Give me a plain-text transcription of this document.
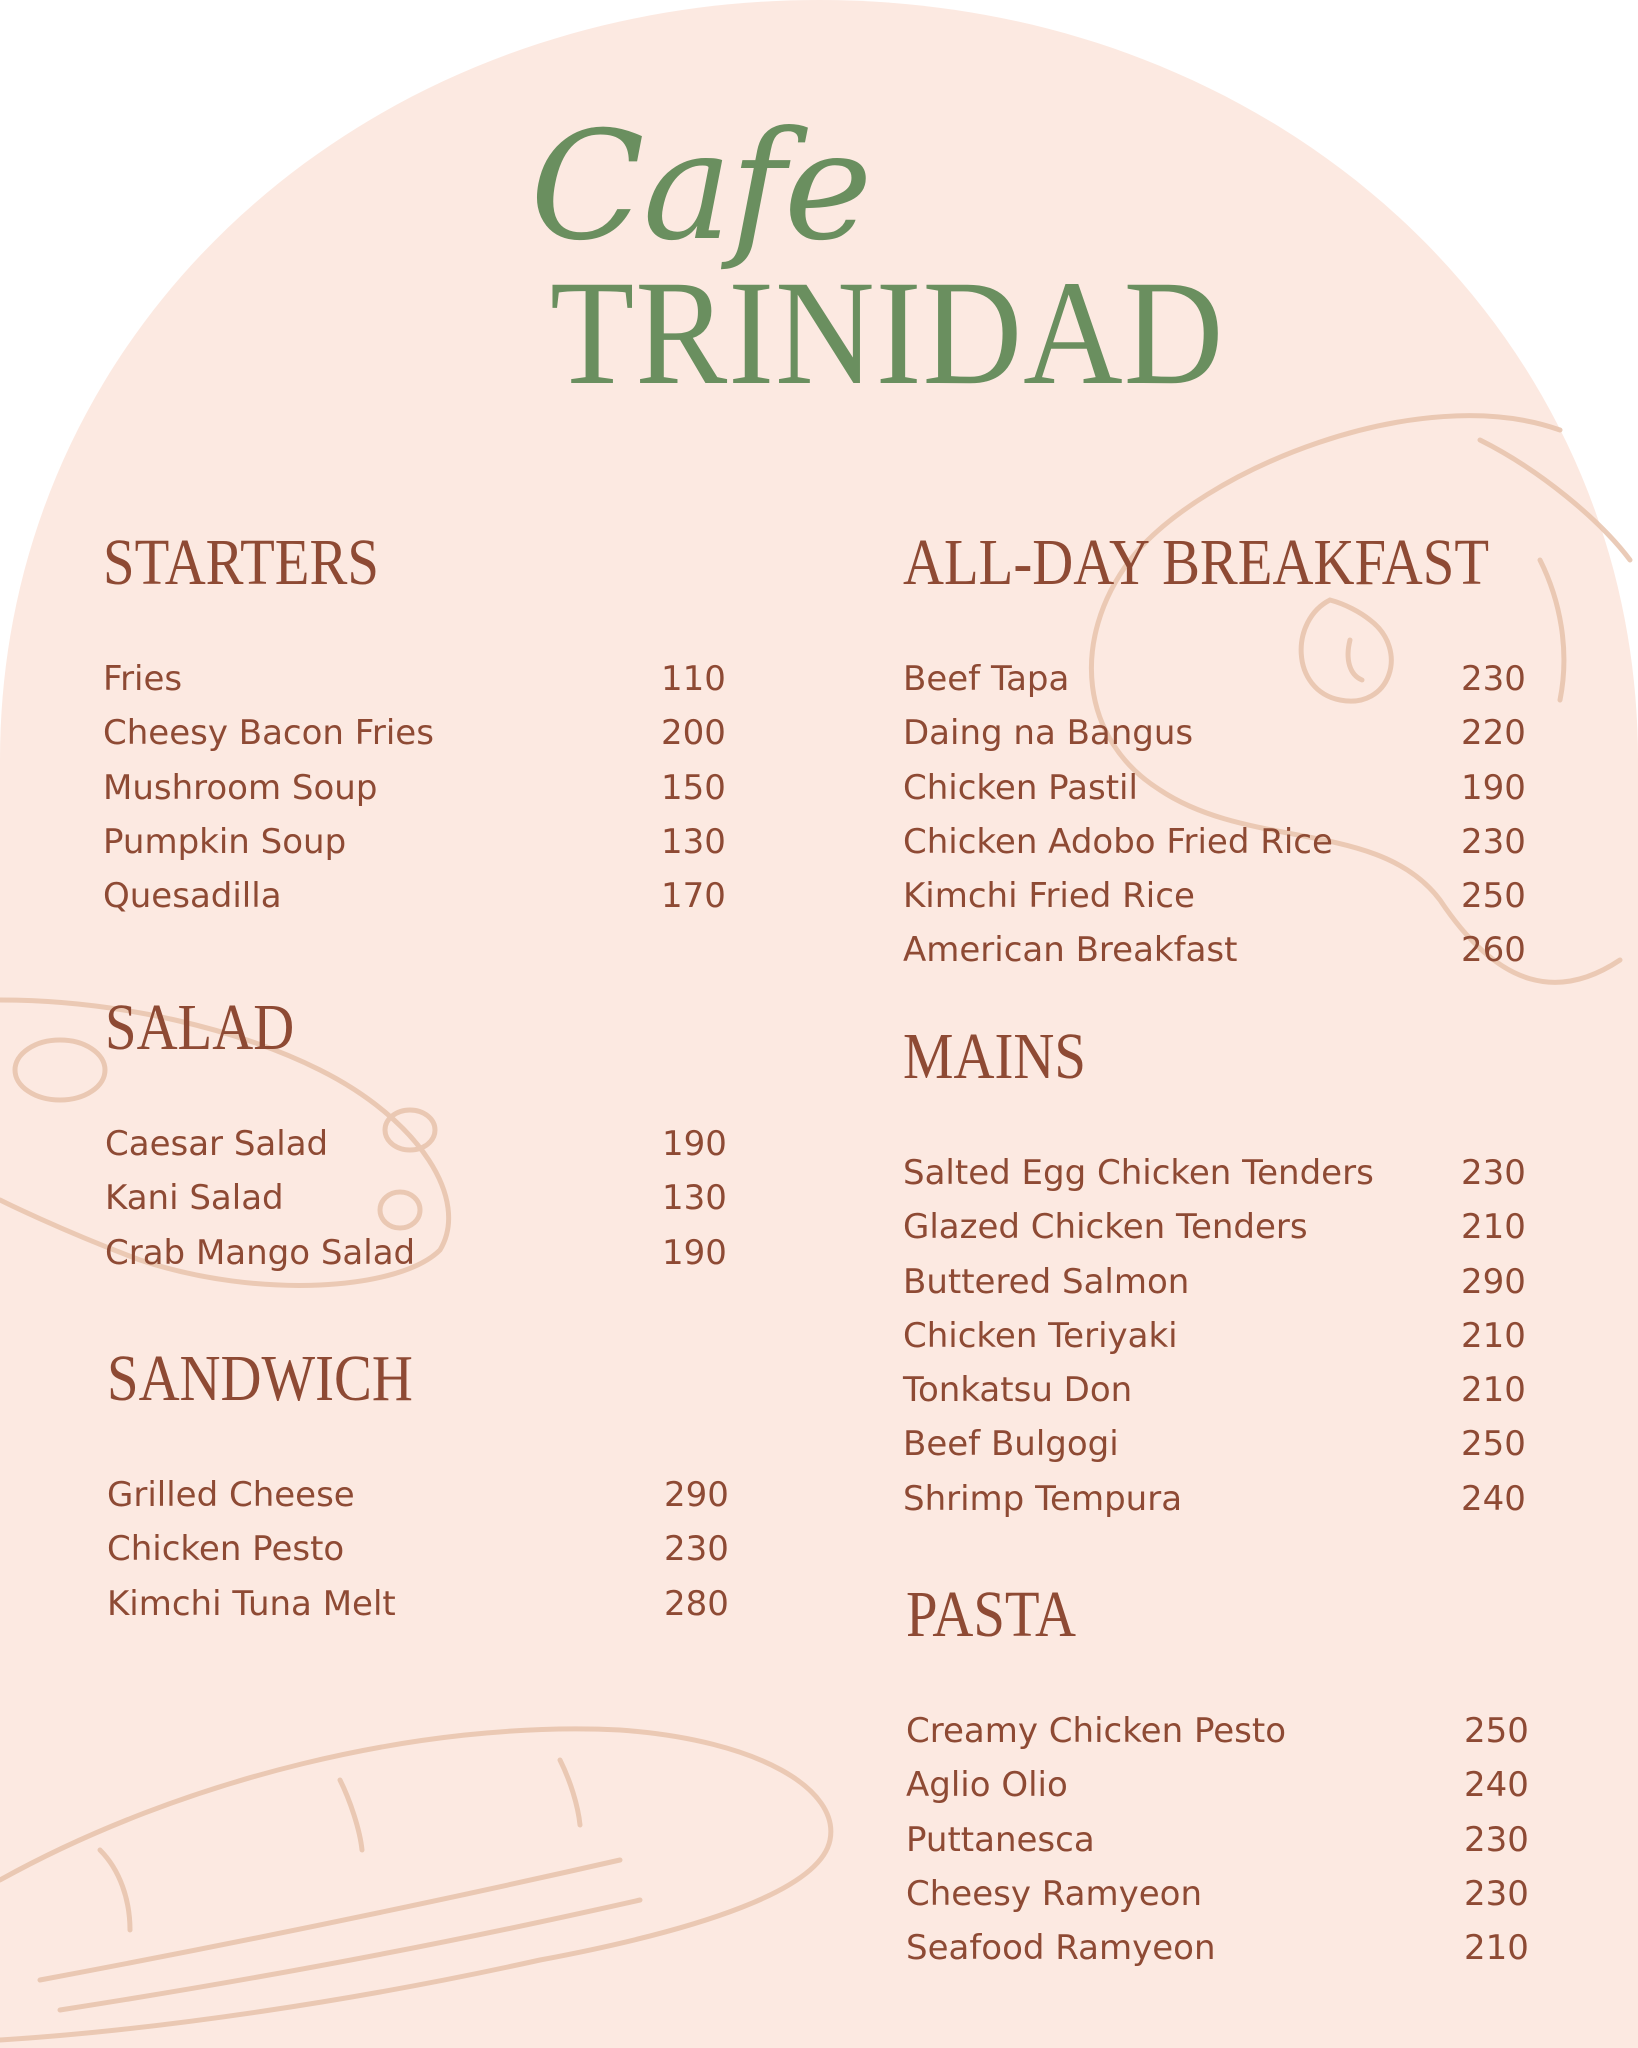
Cafe
TRINIDAD
STARTERS
Fries	110
Cheesy Bacon Fries	200
Mushroom Soup	150
Pumpkin Soup	130
Quesadilla	170
SALAD
Caesar Salad	190
Kani Salad	130
Crab Mango Salad	190
SANDWICH
Grilled Cheese	290
Chicken Pesto	230
Kimchi Tuna Melt	280
ALL-DAY BREAKFAST
Beef Tapa	230
Daing na Bangus	220
Chicken Pastil	190
Chicken Adobo Fried Rice	230
Kimchi Fried Rice	250
American Breakfast	260
MAINS
Salted Egg Chicken Tenders	230
Glazed Chicken Tenders	210
Buttered Salmon	290
Chicken Teriyaki	210
Tonkatsu Don	210
Beef Bulgogi	250
Shrimp Tempura	240
PASTA
Creamy Chicken Pesto	250
Aglio Olio	240
Puttanesca	230
Cheesy Ramyeon	230
Seafood Ramyeon	210
